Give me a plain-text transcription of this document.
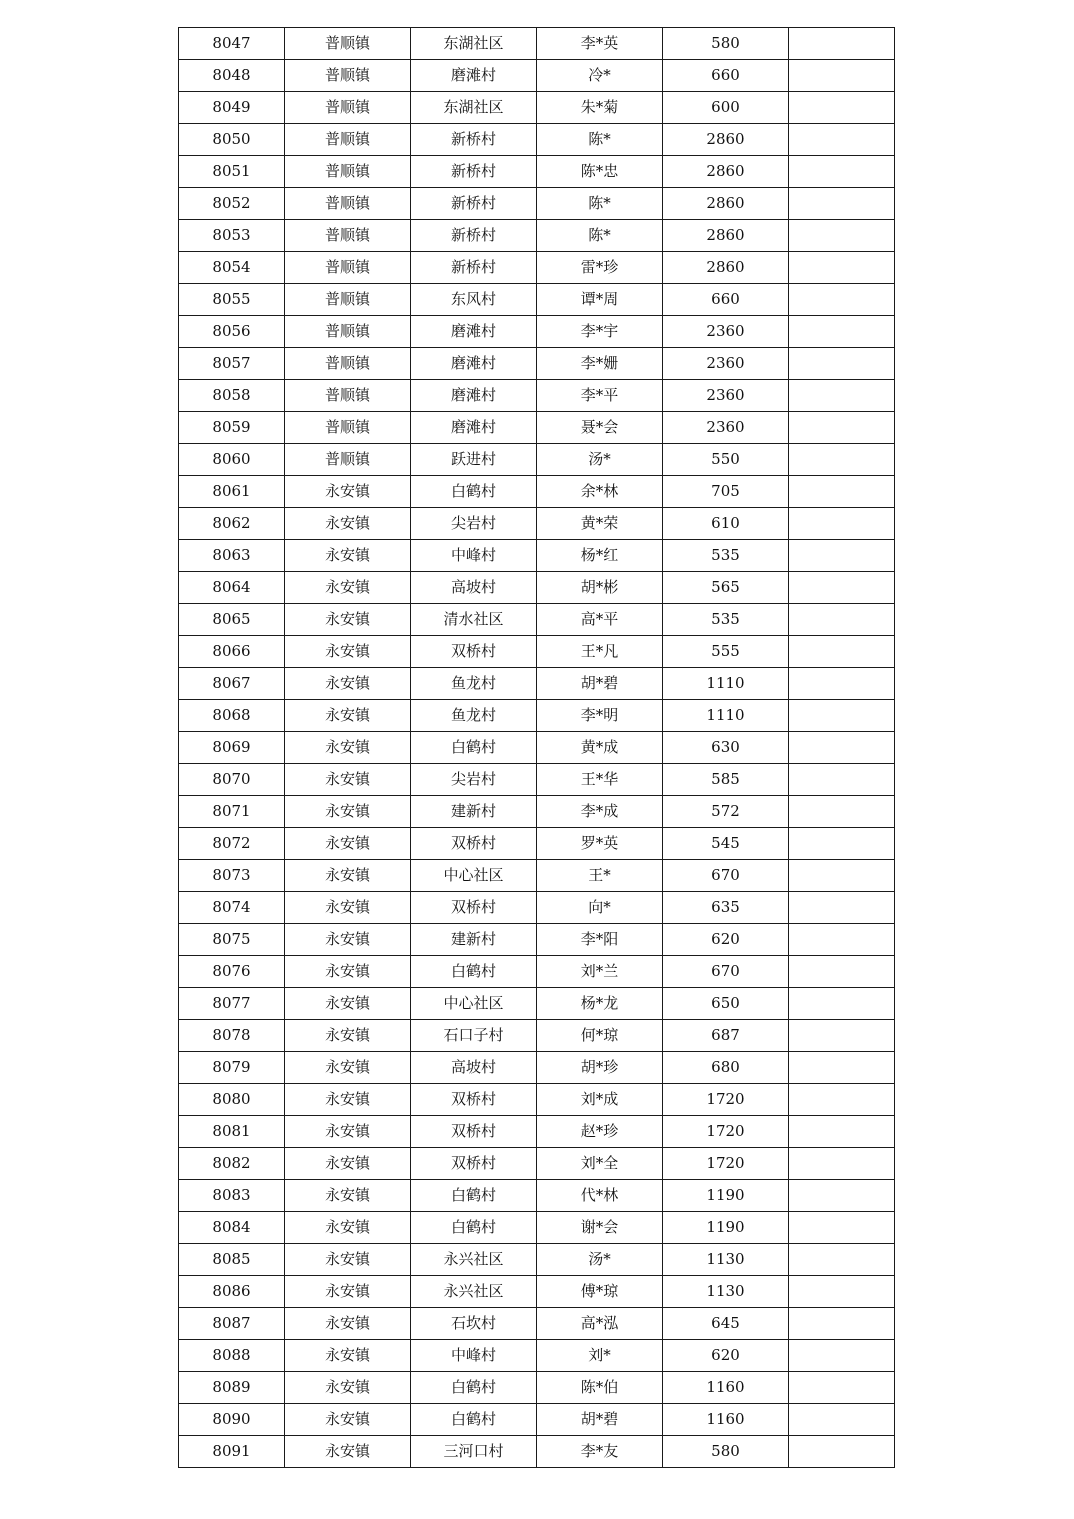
8047	普顺镇	东湖社区	李*英	580	
8048	普顺镇	磨滩村	冷*	660	
8049	普顺镇	东湖社区	朱*菊	600	
8050	普顺镇	新桥村	陈*	2860	
8051	普顺镇	新桥村	陈*忠	2860	
8052	普顺镇	新桥村	陈*	2860	
8053	普顺镇	新桥村	陈*	2860	
8054	普顺镇	新桥村	雷*珍	2860	
8055	普顺镇	东风村	谭*周	660	
8056	普顺镇	磨滩村	李*宇	2360	
8057	普顺镇	磨滩村	李*姗	2360	
8058	普顺镇	磨滩村	李*平	2360	
8059	普顺镇	磨滩村	聂*会	2360	
8060	普顺镇	跃进村	汤*	550	
8061	永安镇	白鹤村	余*林	705	
8062	永安镇	尖岩村	黄*荣	610	
8063	永安镇	中峰村	杨*红	535	
8064	永安镇	高坡村	胡*彬	565	
8065	永安镇	清水社区	高*平	535	
8066	永安镇	双桥村	王*凡	555	
8067	永安镇	鱼龙村	胡*碧	1110	
8068	永安镇	鱼龙村	李*明	1110	
8069	永安镇	白鹤村	黄*成	630	
8070	永安镇	尖岩村	王*华	585	
8071	永安镇	建新村	李*成	572	
8072	永安镇	双桥村	罗*英	545	
8073	永安镇	中心社区	王*	670	
8074	永安镇	双桥村	向*	635	
8075	永安镇	建新村	李*阳	620	
8076	永安镇	白鹤村	刘*兰	670	
8077	永安镇	中心社区	杨*龙	650	
8078	永安镇	石口子村	何*琼	687	
8079	永安镇	高坡村	胡*珍	680	
8080	永安镇	双桥村	刘*成	1720	
8081	永安镇	双桥村	赵*珍	1720	
8082	永安镇	双桥村	刘*全	1720	
8083	永安镇	白鹤村	代*林	1190	
8084	永安镇	白鹤村	谢*会	1190	
8085	永安镇	永兴社区	汤*	1130	
8086	永安镇	永兴社区	傅*琼	1130	
8087	永安镇	石坎村	高*泓	645	
8088	永安镇	中峰村	刘*	620	
8089	永安镇	白鹤村	陈*伯	1160	
8090	永安镇	白鹤村	胡*碧	1160	
8091	永安镇	三河口村	李*友	580	
